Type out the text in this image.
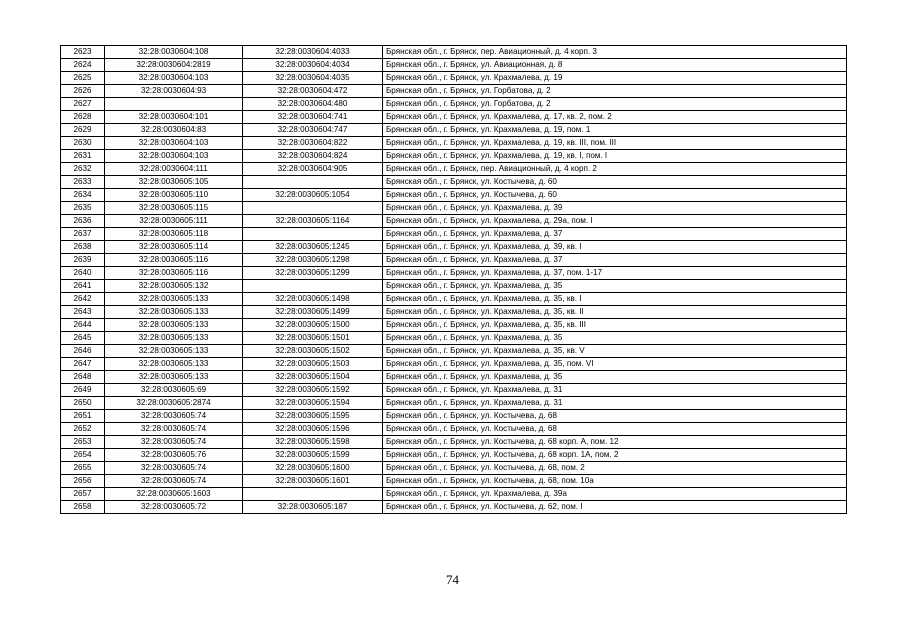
2623	32:28:0030604:108	32:28:0030604:4033	Брянская обл., г. Брянск, пер. Авиационный, д. 4 корп. 3
2624	32:28:0030604:2819	32:28:0030604:4034	Брянская обл., г. Брянск, ул. Авиационная, д. 8
2625	32:28:0030604:103	32:28:0030604:4035	Брянская обл., г. Брянск, ул. Крахмалева, д. 19
2626	32:28:0030604:93	32:28:0030604:472	Брянская обл., г. Брянск, ул. Горбатова, д. 2
2627		32:28:0030604:480	Брянская обл., г. Брянск, ул. Горбатова, д. 2
2628	32:28:0030604:101	32:28:0030604:741	Брянская обл., г. Брянск, ул. Крахмалева, д. 17, кв. 2, пом. 2
2629	32:28:0030604:83	32:28:0030604:747	Брянская обл., г. Брянск, ул. Крахмалева, д. 19, пом. 1
2630	32:28:0030604:103	32:28:0030604:822	Брянская обл., г. Брянск, ул. Крахмалева, д. 19, кв. III, пом. III
2631	32:28:0030604:103	32:28:0030604:824	Брянская обл., г. Брянск, ул. Крахмалева, д. 19, кв. I, пом. I
2632	32:28:0030604:111	32:28:0030604:905	Брянская обл., г. Брянск, пер. Авиационный, д. 4 корп. 2
2633	32:28:0030605:105		Брянская обл., г. Брянск, ул. Костычева, д. 60
2634	32:28:0030605:110	32:28:0030605:1054	Брянская обл., г. Брянск, ул. Костычева, д. 60
2635	32:28:0030605:115		Брянская обл., г. Брянск, ул. Крахмалева, д. 39
2636	32:28:0030605:111	32:28:0030605:1164	Брянская обл., г. Брянск, ул. Крахмалева, д. 29а, пом. I
2637	32:28:0030605:118		Брянская обл., г. Брянск, ул. Крахмалева, д. 37
2638	32:28:0030605:114	32:28:0030605:1245	Брянская обл., г. Брянск, ул. Крахмалева, д. 39, кв. I
2639	32:28:0030605:116	32:28:0030605:1298	Брянская обл., г. Брянск, ул. Крахмалева, д. 37
2640	32:28:0030605:116	32:28:0030605:1299	Брянская обл., г. Брянск, ул. Крахмалева, д. 37, пом. 1-17
2641	32:28:0030605:132		Брянская обл., г. Брянск, ул. Крахмалева, д. 35
2642	32:28:0030605:133	32:28:0030605:1498	Брянская обл., г. Брянск, ул. Крахмалева, д. 35, кв. I
2643	32:28:0030605:133	32:28:0030605:1499	Брянская обл., г. Брянск, ул. Крахмалева, д. 35, кв. II
2644	32:28:0030605:133	32:28:0030605:1500	Брянская обл., г. Брянск, ул. Крахмалева, д. 35, кв. III
2645	32:28:0030605:133	32:28:0030605:1501	Брянская обл., г. Брянск, ул. Крахмалева, д. 35
2646	32:28:0030605:133	32:28:0030605:1502	Брянская обл., г. Брянск, ул. Крахмалева, д. 35, кв. V
2647	32:28:0030605:133	32:28:0030605:1503	Брянская обл., г. Брянск, ул. Крахмалева, д. 35, пом. VI
2648	32:28:0030605:133	32:28:0030605:1504	Брянская обл., г. Брянск, ул. Крахмалева, д. 35
2649	32:28:0030605:69	32:28:0030605:1592	Брянская обл., г. Брянск, ул. Крахмалева, д. 31
2650	32:28:0030605:2874	32:28:0030605:1594	Брянская обл., г. Брянск, ул. Крахмалева, д. 31
2651	32:28:0030605:74	32:28:0030605:1595	Брянская обл., г. Брянск, ул. Костычева, д. 68
2652	32:28:0030605:74	32:28:0030605:1596	Брянская обл., г. Брянск, ул. Костычева, д. 68
2653	32:28:0030605:74	32:28:0030605:1598	Брянская обл., г. Брянск, ул. Костычева, д. 68 корп. А, пом. 12
2654	32:28:0030605:76	32:28:0030605:1599	Брянская обл., г. Брянск, ул. Костычева, д. 68 корп. 1А, пом. 2
2655	32:28:0030605:74	32:28:0030605:1600	Брянская обл., г. Брянск, ул. Костычева, д. 68, пом. 2
2656	32:28:0030605:74	32:28:0030605:1601	Брянская обл., г. Брянск, ул. Костычева, д. 68, пом. 10а
2657	32:28:0030605:1603		Брянская обл., г. Брянск, ул. Крахмалева, д. 39а
2658	32:28:0030605:72	32:28:0030605:187	Брянская обл., г. Брянск, ул. Костычева, д. 62, пом. I
74
